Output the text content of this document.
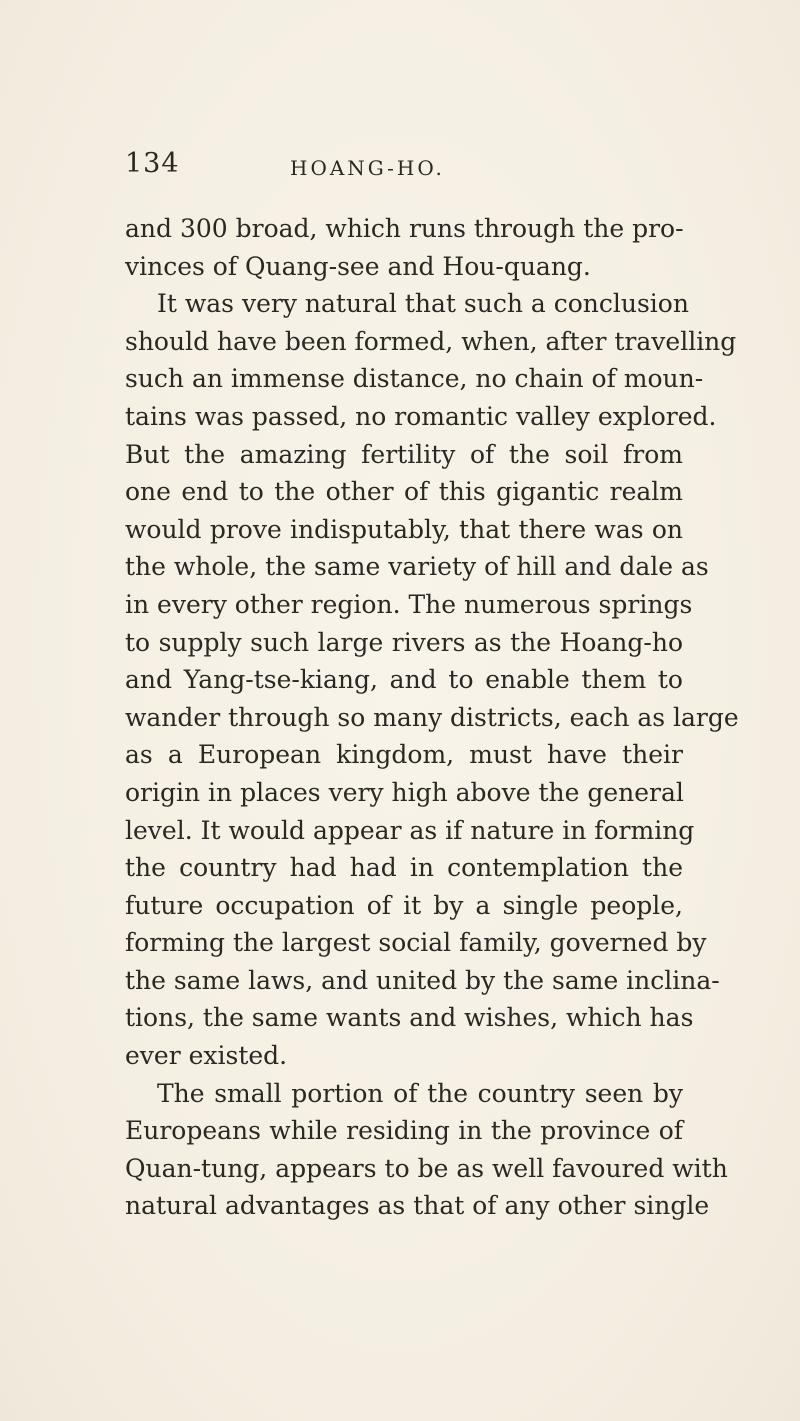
134	HOANG-HO.
and 300 broad, which runs through the pro-
vinces of Quang-see and Hou-quang.
It was very natural that such a conclusion
should have been formed, when, after travelling
such an immense distance, no chain of moun-
tains was passed, no romantic valley explored.
But the amazing fertility of the soil from
one end to the other of this gigantic realm
would prove indisputably, that there was on
the whole, the same variety of hill and dale as
in every other region. The numerous springs
to supply such large rivers as the Hoang-ho
and Yang-tse-kiang, and to enable them to
wander through so many districts, each as large
as a European kingdom, must have their
origin in places very high above the general
level. It would appear as if nature in forming
the country had had in contemplation the
future occupation of it by a single people,
forming the largest social family, governed by
the same laws, and united by the same inclina-
tions, the same wants and wishes, which has
ever existed.
The small portion of the country seen by
Europeans while residing in the province of
Quan-tung, appears to be as well favoured with
natural advantages as that of any other single
